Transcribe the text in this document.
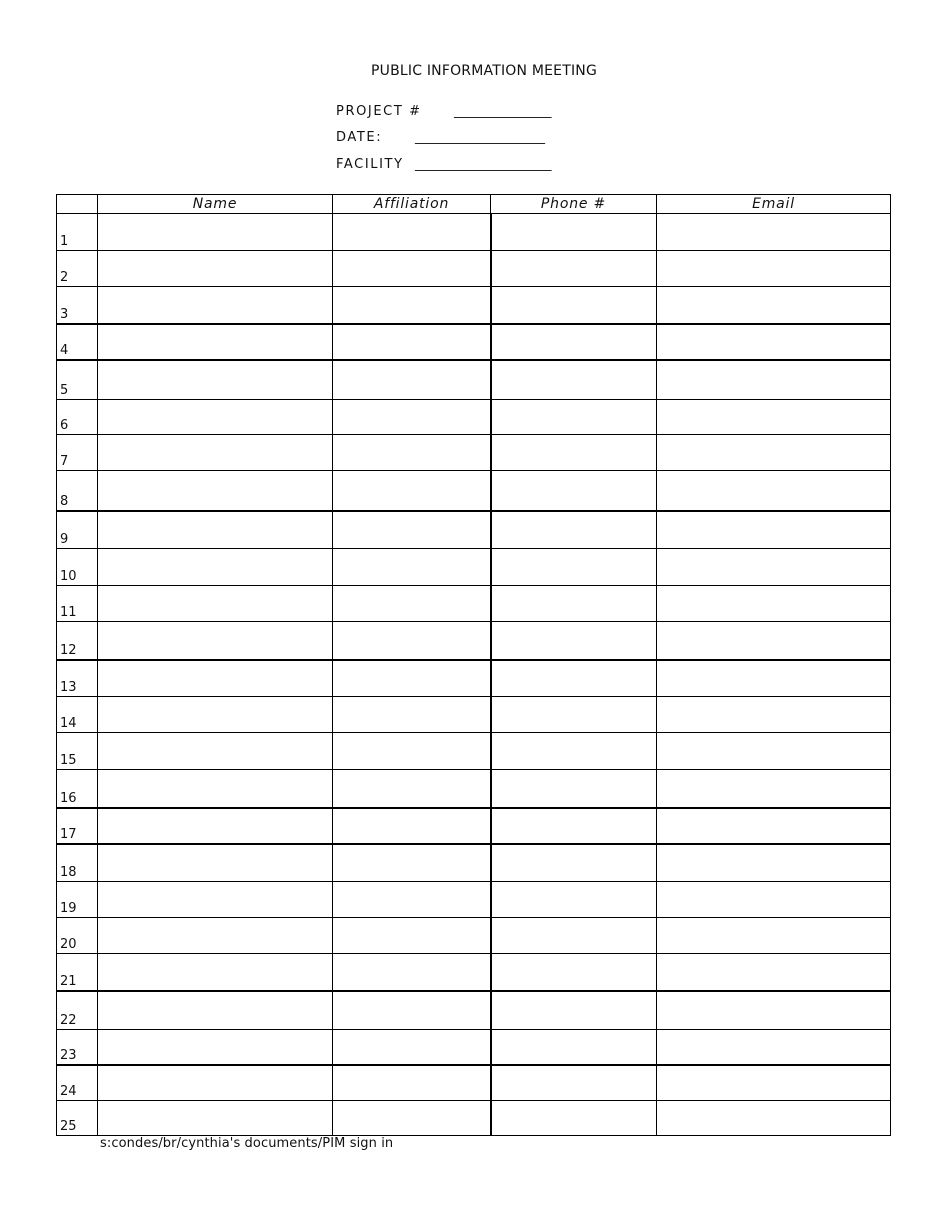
PUBLIC INFORMATION MEETING
PROJECT # _______________
DATE:	____________________
FACILITY _____________________
	Name	Affiliation	Phone #	Email
1				
2				
3				
4				
5				
6				
7				
8				
9				
10				
11				
12				
13				
14				
15				
16				
17				
18				
19				
20				
21				
22				
23				
24				
25				
s:condes/br/cynthia's documents/PIM sign in
